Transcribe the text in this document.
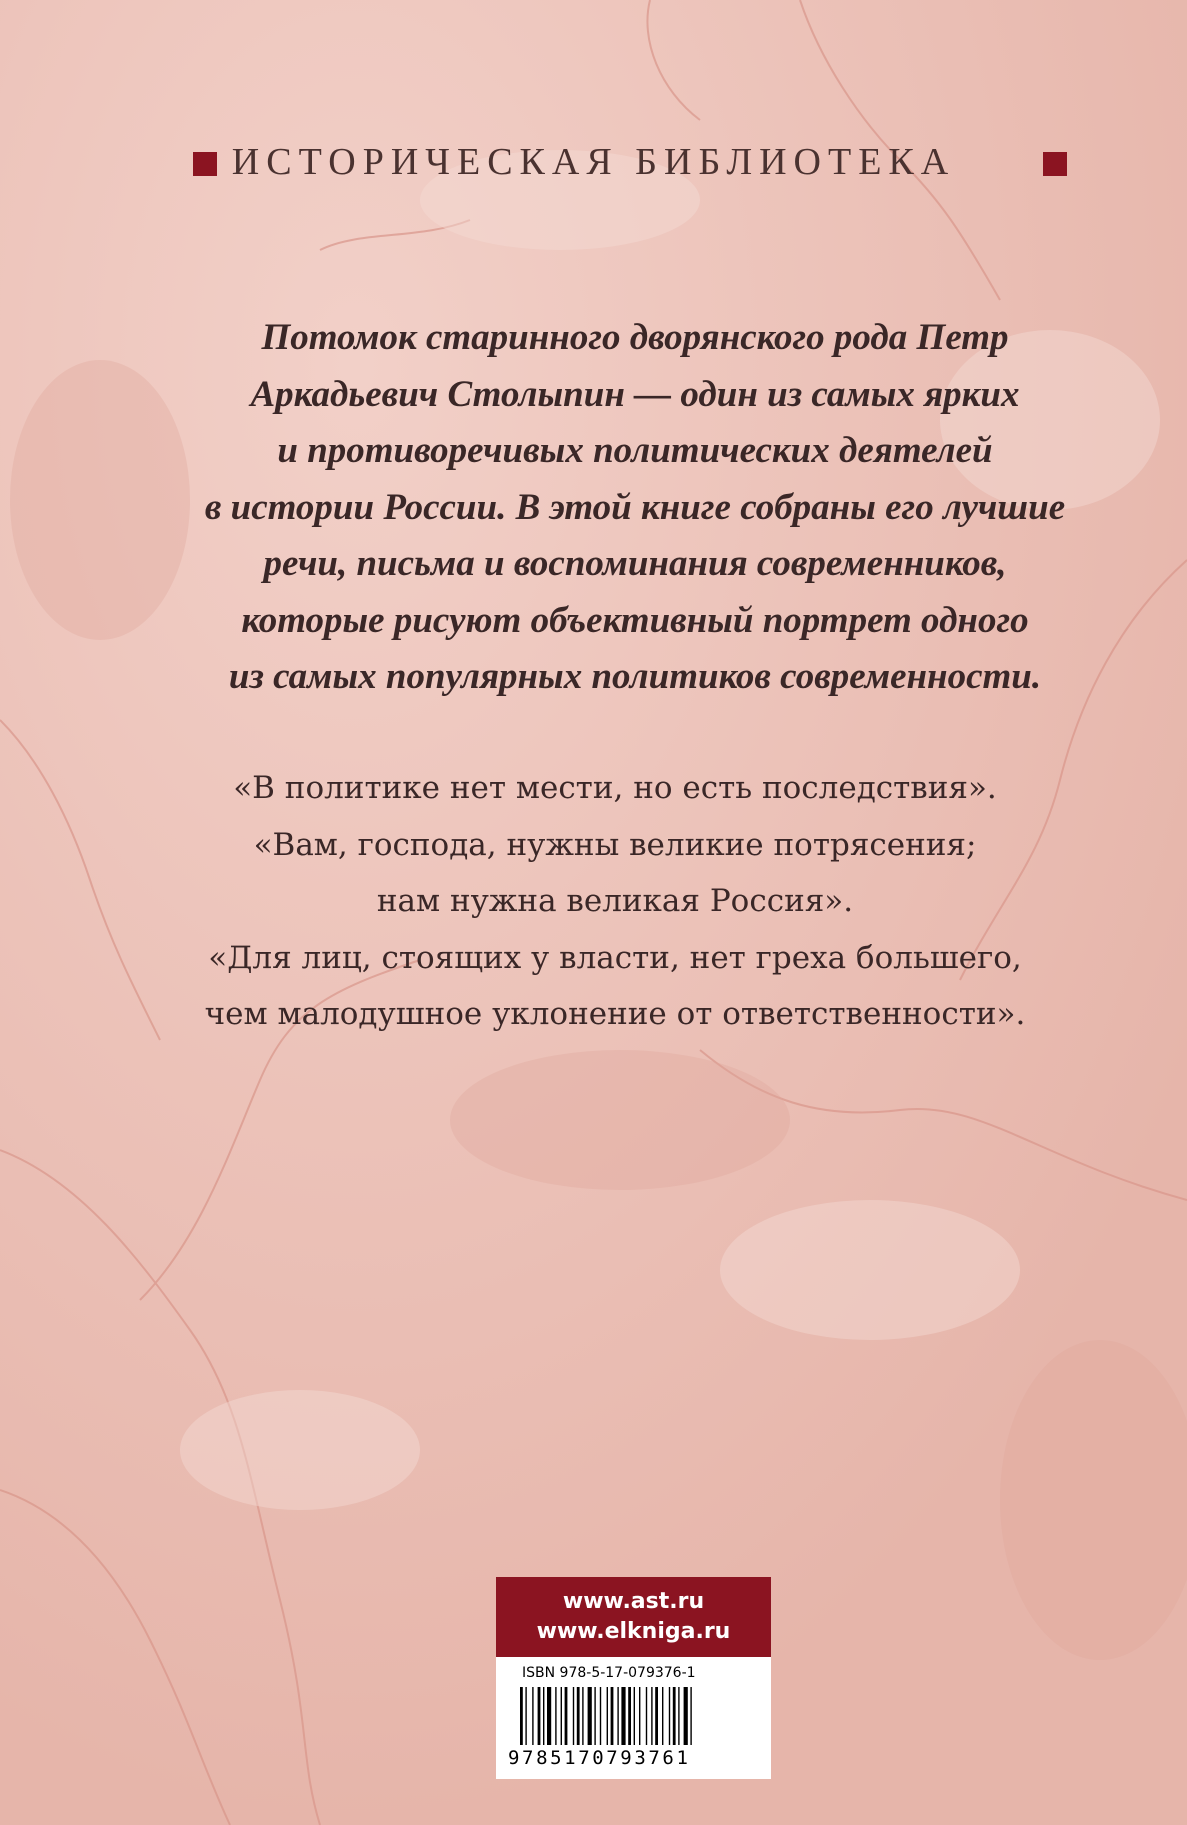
ИСТОРИЧЕСКАЯ БИБЛИОТЕКА
Потомок старинного дворянского рода Петр
Аркадьевич Столыпин — один из самых ярких
и противоречивых политических деятелей
в истории России. В этой книге собраны его лучшие
речи, письма и воспоминания современников,
которые рисуют объективный портрет одного
из самых популярных политиков современности.
«В политике нет мести, но есть последствия».
«Вам, господа, нужны великие потрясения;
нам нужна великая Россия».
«Для лиц, стоящих у власти, нет греха большего,
чем малодушное уклонение от ответственности».
www.ast.ru
www.elkniga.ru
ISBN 978-5-17-079376-1
9785170793761
